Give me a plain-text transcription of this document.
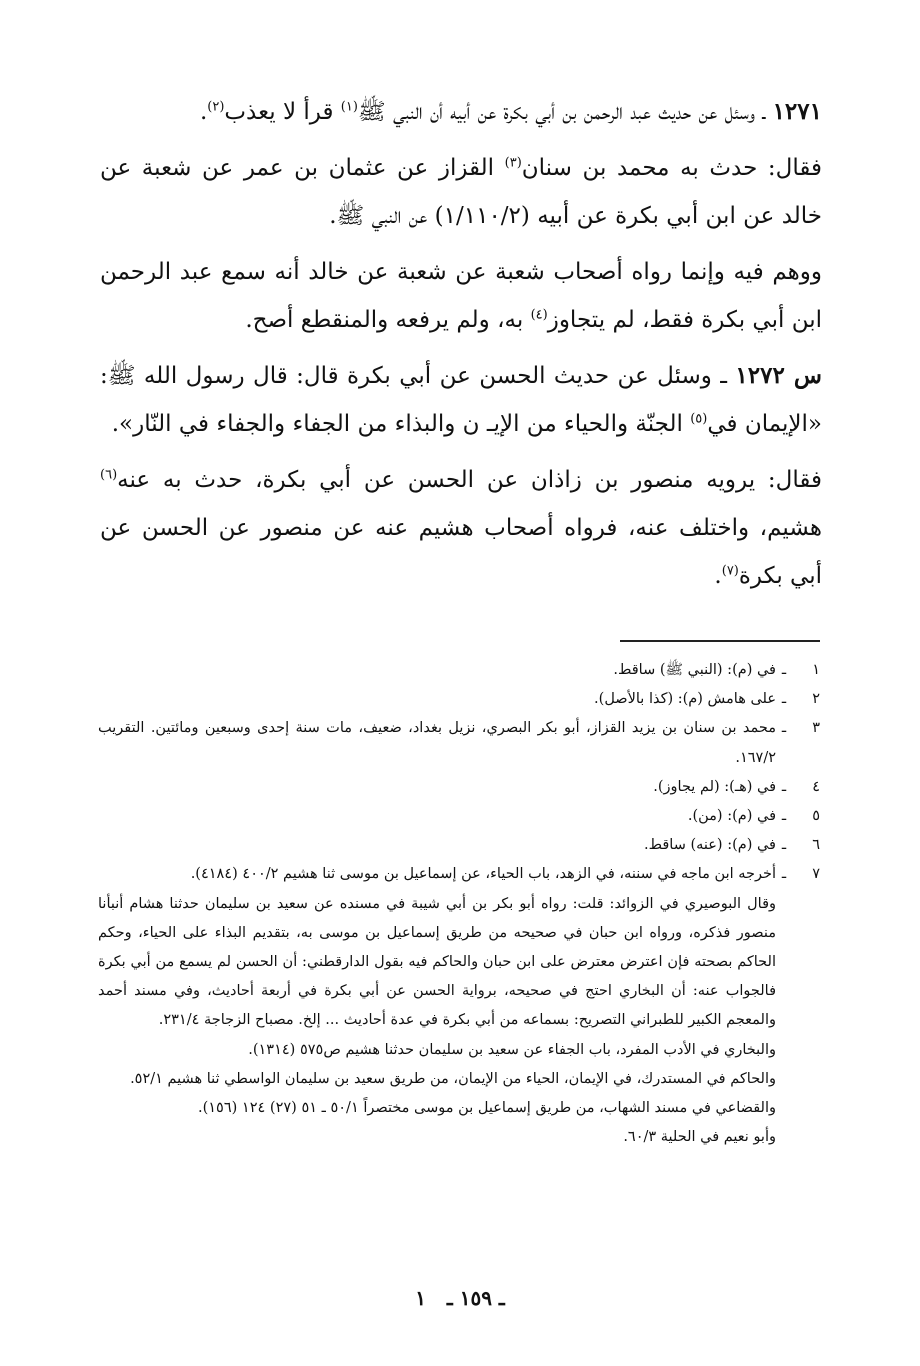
١٢٧١ ـ وسئل عن حديث عبد الرحمن بن أبي بكرة عن أبيه أن النبي ﷺ$^{(١)}$ قرأ لا يعذب$^{(٢)}$.

فقال: حدث به محمد بن سنان$^{(٣)}$ القزاز عن عثمان بن عمر عن شعبة عن خالد عن ابن أبي بكرة عن أبيه (١/١١٠/٢) عن النبي ﷺ.

ووهم فيه وإنما رواه أصحاب شعبة عن شعبة عن خالد أنه سمع عبد الرحمن ابن أبي بكرة فقط، لم يتجاوز$^{(٤)}$ به، ولم يرفعه والمنقطع أصح.

س ١٢٧٢ ـ وسئل عن حديث الحسن عن أبي بكرة قال: قال رسول الله ﷺ: «الإيمان في$^{(٥)}$ الجنّة والحياء من الإيـ ن والبذاء من الجفاء والجفاء في النّار».

فقال: يرويه منصور بن زاذان عن الحسن عن أبي بكرة، حدث به عنه$^{(٦)}$ هشيم، واختلف عنه، فرواه أصحاب هشيم عنه عن منصور عن الحسن عن أبي بكرة$^{(٧)}$.

١
ـ
في (م): (النبي ﷺ) ساقط.
٢
ـ
على هامش (م): (كذا بالأصل).
٣
ـ
محمد بن سنان بن يزيد القزاز، أبو بكر البصري، نزيل بغداد، ضعيف، مات سنة إحدى وسبعين ومائتين. التقريب ١٦٧/٢.
٤
ـ
في (هـ): (لم يجاوز).
٥
ـ
في (م): (من).
٦
ـ
في (م): (عنه) ساقط.
٧
ـ
أخرجه ابن ماجه في سننه، في الزهد، باب الحياء، عن إسماعيل بن موسى ثنا هشيم ٤٠٠/٢ (٤١٨٤).
وقال البوصيري في الزوائد: قلت: رواه أبو بكر بن أبي شيبة في مسنده عن سعيد بن سليمان حدثنا هشام أنبأنا منصور فذكره، ورواه ابن حبان في صحيحه من طريق إسماعيل بن موسى به، بتقديم البذاء على الحياء، وحكم الحاكم بصحته فإن اعترض معترض على ابن حبان والحاكم فيه بقول الدارقطني: أن الحسن لم يسمع من أبي بكرة فالجواب عنه: أن البخاري احتج في صحيحه، برواية الحسن عن أبي بكرة في أربعة أحاديث، وفي مسند أحمد والمعجم الكبير للطبراني التصريح: بسماعه من أبي بكرة في عدة أحاديث ... إلخ. مصباح الزجاجة ٢٣١/٤.
والبخاري في الأدب المفرد، باب الجفاء عن سعيد بن سليمان حدثنا هشيم ص٥٧٥ (١٣١٤).
والحاكم في المستدرك، في الإيمان، الحياء من الإيمان، من طريق سعيد بن سليمان الواسطي ثنا هشيم ٥٢/١.
والقضاعي في مسند الشهاب، من طريق إسماعيل بن موسى مختصراً ٥٠/١ ـ ٥١ (٢٧) ١٢٤ (١٥٦).
وأبو نعيم في الحلية ٦٠/٣.
ـ ١٥٩ ـ   ١
